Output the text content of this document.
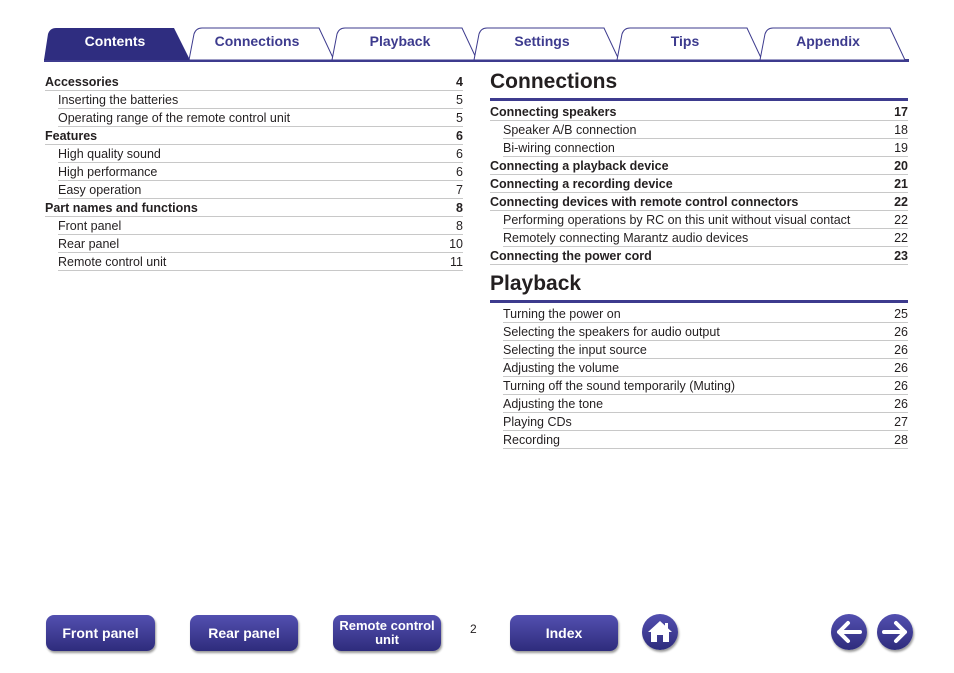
Contents	Connections	Playback	Settings	Tips	Appendix
Accessories	4
Inserting the batteries	5
Operating range of the remote control unit	5
Features	6
High quality sound	6
High performance	6
Easy operation	7
Part names and functions	8
Front panel	8
Rear panel	10
Remote control unit	11
Connections
Connecting speakers	17
Speaker A/B connection	18
Bi-wiring connection	19
Connecting a playback device	20
Connecting a recording device	21
Connecting devices with remote control connectors	22
Performing operations by RC on this unit without visual contact	22
Remotely connecting Marantz audio devices	22
Connecting the power cord	23
Playback
Turning the power on	25
Selecting the speakers for audio output	26
Selecting the input source	26
Adjusting the volume	26
Turning off the sound temporarily (Muting)	26
Adjusting the tone	26
Playing CDs	27
Recording	28
Front panel	Rear panel	Remote control
unit
2	Index
